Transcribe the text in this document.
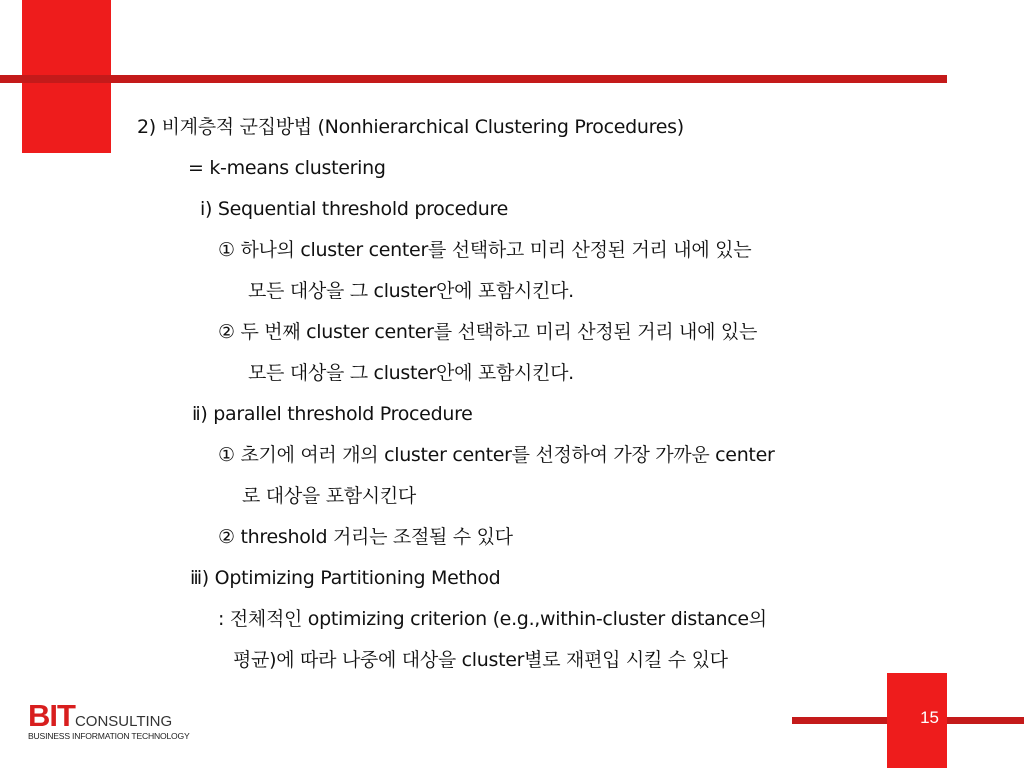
2) 비계층적 군집방법 (Nonhierarchical Clustering Procedures)
= k-means clustering
ⅰ) Sequential threshold procedure
① 하나의 cluster center를 선택하고 미리 산정된 거리 내에 있는
모든 대상을 그 cluster안에 포함시킨다.
② 두 번째 cluster center를 선택하고 미리 산정된 거리 내에 있는
모든 대상을 그 cluster안에 포함시킨다.
ⅱ) parallel threshold Procedure
① 초기에 여러 개의 cluster center를 선정하여 가장 가까운 center
로 대상을 포함시킨다
② threshold 거리는 조절될 수 있다
ⅲ) Optimizing Partitioning Method
: 전체적인 optimizing criterion (e.g.,within-cluster distance의
평균)에 따라 나중에 대상을 cluster별로 재편입 시킬 수 있다
BITCONSULTING
BUSINESS INFORMATION TECHNOLOGY
15
